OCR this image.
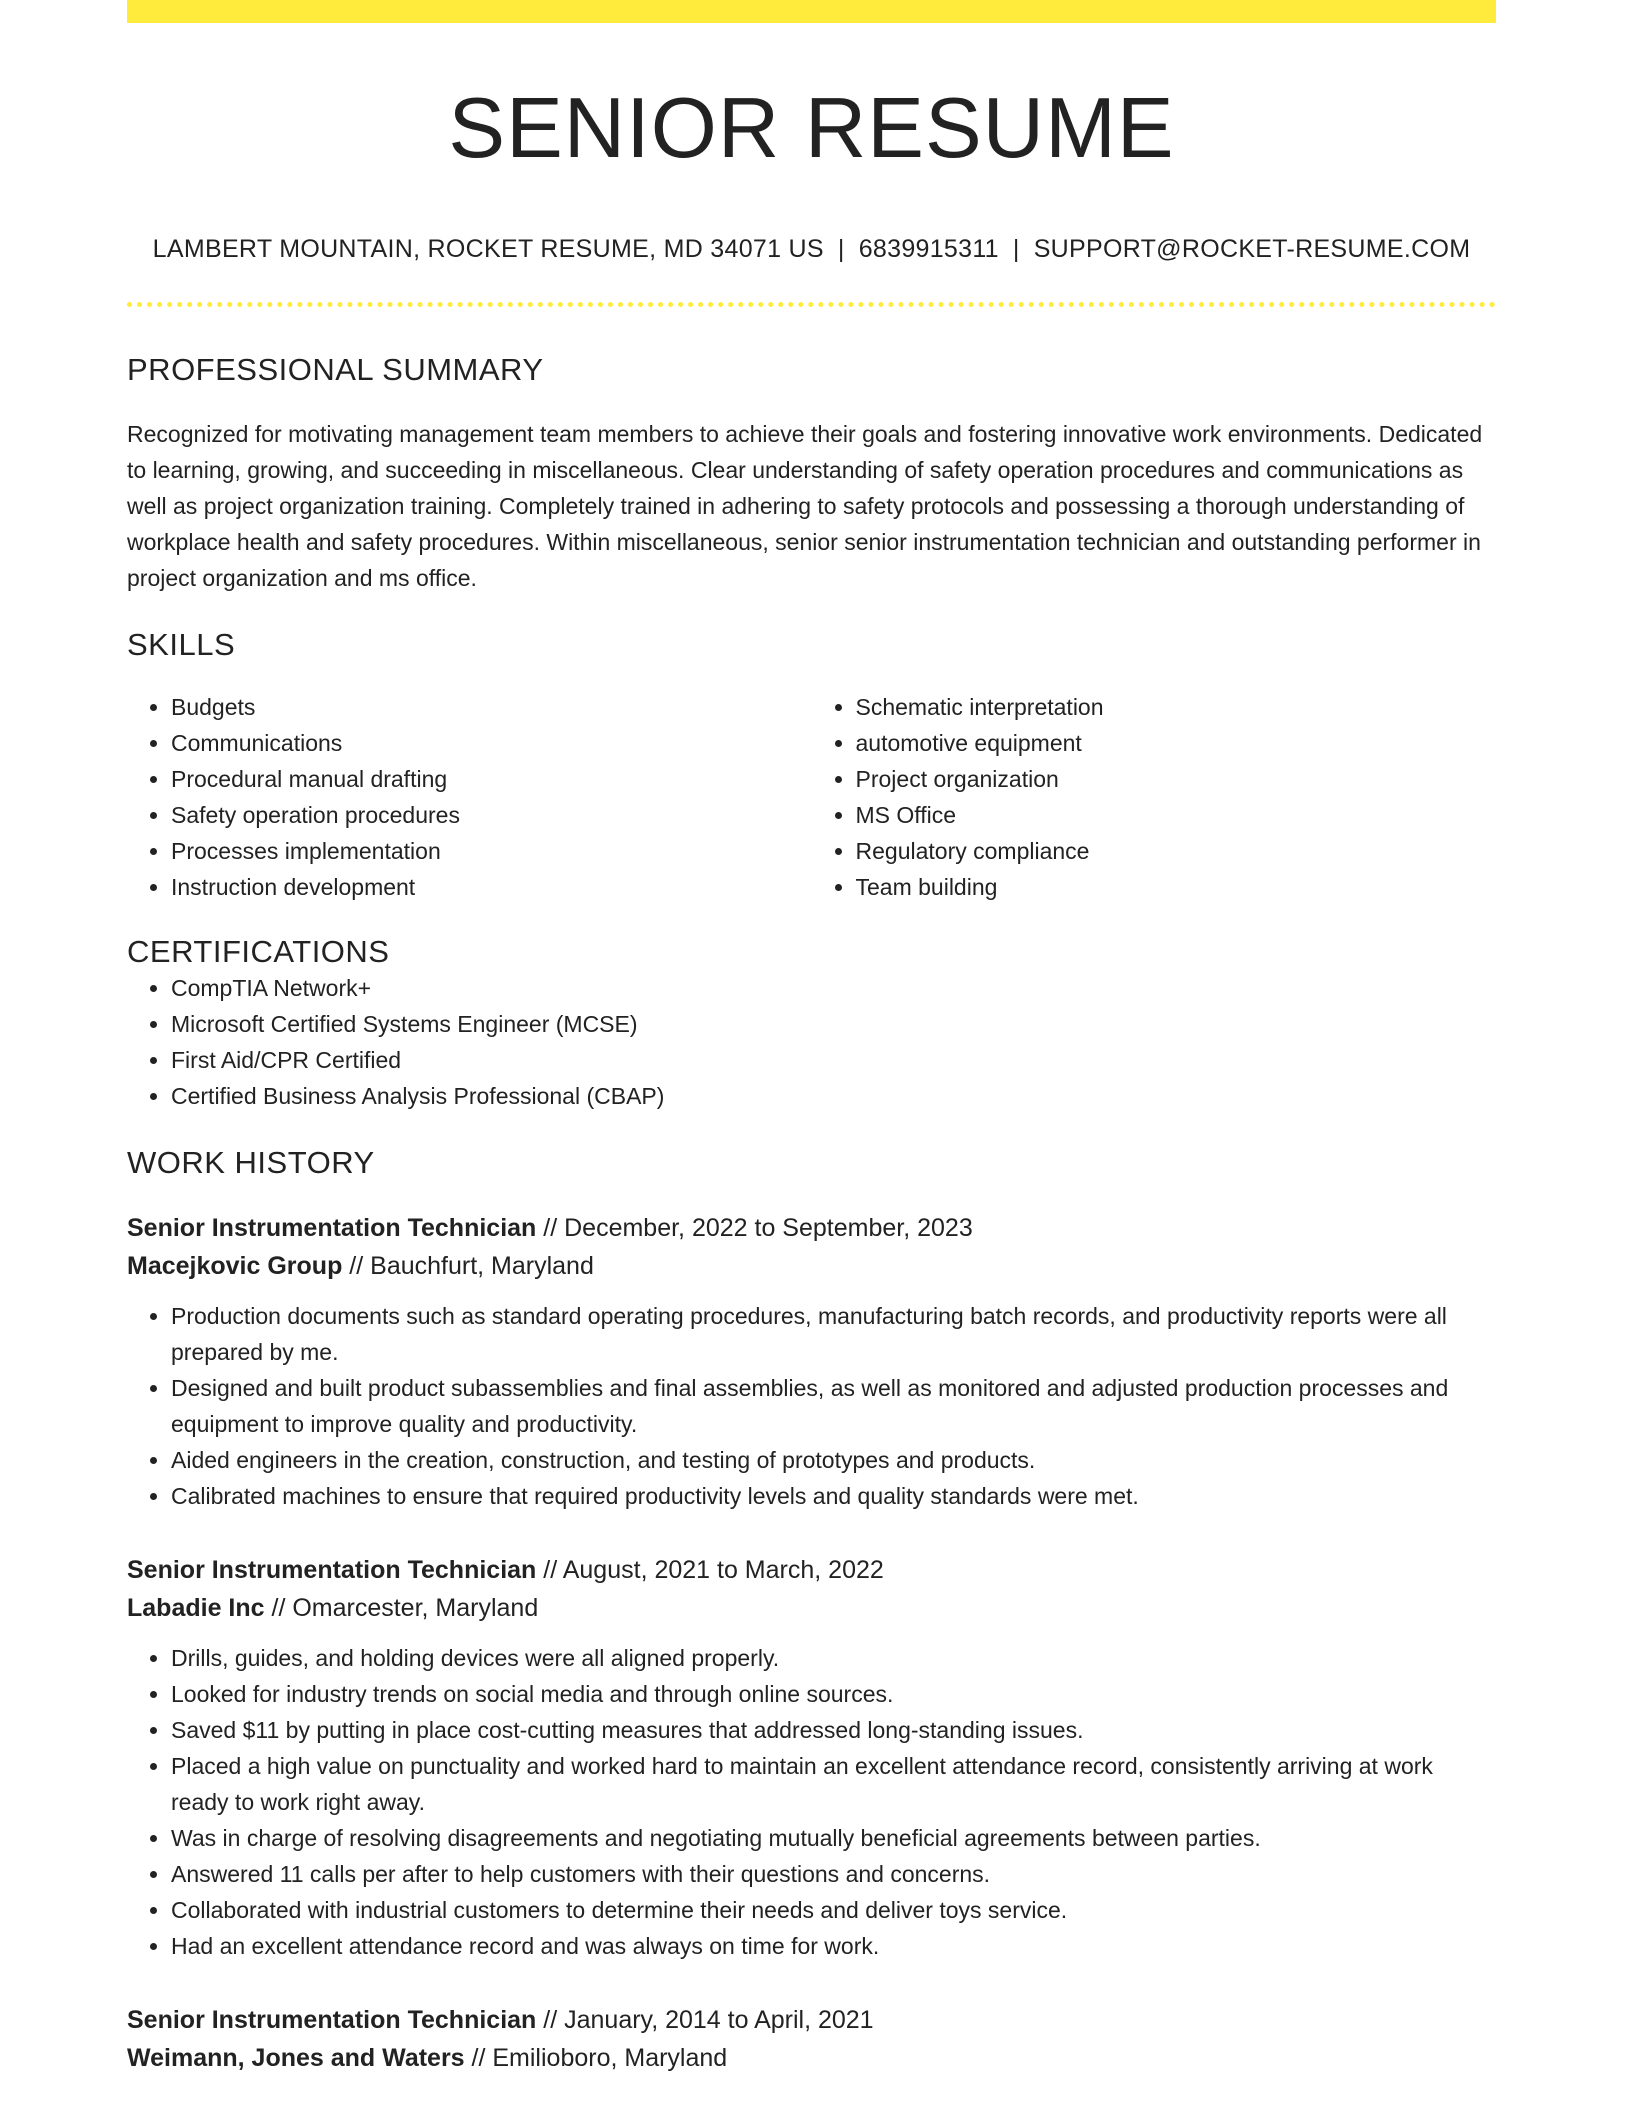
SENIOR RESUME
LAMBERT MOUNTAIN, ROCKET RESUME, MD 34071 US | 6839915311 | SUPPORT@ROCKET-RESUME.COM
PROFESSIONAL SUMMARY

Recognized for motivating management team members to achieve their goals and fostering innovative work environments. Dedicated to learning, growing, and succeeding in miscellaneous. Clear understanding of safety operation procedures and communications as well as project organization training. Completely trained in adhering to safety protocols and possessing a thorough understanding of workplace health and safety procedures. Within miscellaneous, senior senior instrumentation technician and outstanding performer in project organization and ms office.

SKILLS
• Budgets
• Communications
• Procedural manual drafting
• Safety operation procedures
• Processes implementation
• Instruction development
• Schematic interpretation
• automotive equipment
• Project organization
• MS Office
• Regulatory compliance
• Team building
CERTIFICATIONS
• CompTIA Network+
• Microsoft Certified Systems Engineer (MCSE)
• First Aid/CPR Certified
• Certified Business Analysis Professional (CBAP)
WORK HISTORY
Senior Instrumentation Technician // December, 2022 to September, 2023
Macejkovic Group // Bauchfurt, Maryland
• Production documents such as standard operating procedures, manufacturing batch records, and productivity reports were all prepared by me.
• Designed and built product subassemblies and final assemblies, as well as monitored and adjusted production processes and equipment to improve quality and productivity.
• Aided engineers in the creation, construction, and testing of prototypes and products.
• Calibrated machines to ensure that required productivity levels and quality standards were met.
Senior Instrumentation Technician // August, 2021 to March, 2022
Labadie Inc // Omarcester, Maryland
• Drills, guides, and holding devices were all aligned properly.
• Looked for industry trends on social media and through online sources.
• Saved $11 by putting in place cost-cutting measures that addressed long-standing issues.
• Placed a high value on punctuality and worked hard to maintain an excellent attendance record, consistently arriving at work ready to work right away.
• Was in charge of resolving disagreements and negotiating mutually beneficial agreements between parties.
• Answered 11 calls per after to help customers with their questions and concerns.
• Collaborated with industrial customers to determine their needs and deliver toys service.
• Had an excellent attendance record and was always on time for work.
Senior Instrumentation Technician // January, 2014 to April, 2021
Weimann, Jones and Waters // Emilioboro, Maryland
